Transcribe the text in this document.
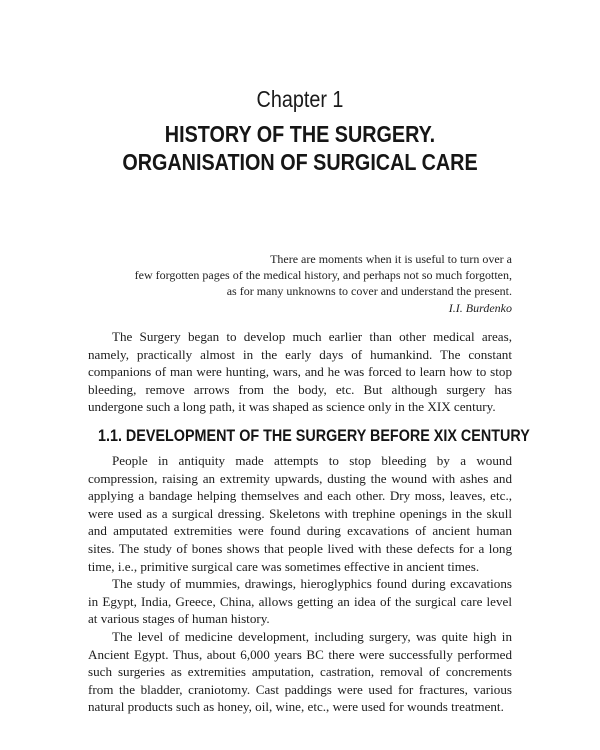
Chapter 1
HISTORY OF THE SURGERY.
ORGANISATION OF SURGICAL CARE
There are moments when it is useful to turn over a
few forgotten pages of the medical history, and perhaps not so much forgotten,
as for many unknowns to cover and understand the present.
I.I. Burdenko

The Surgery began to develop much earlier than other medical areas, namely, practically almost in the early days of humankind. The constant companions of man were hunting, wars, and he was forced to learn how to stop bleeding, remove arrows from the body, etc. But although surgery has undergone such a long path, it was shaped as science only in the XIX century.

1.1. DEVELOPMENT OF THE SURGERY BEFORE XIX CENTURY

People in antiquity made attempts to stop bleeding by a wound compression, raising an extremity upwards, dusting the wound with ashes and applying a bandage helping themselves and each other. Dry moss, leaves, etc., were used as a surgical dressing. Skeletons with trephine openings in the skull and amputated extremities were found during excavations of ancient human sites. The study of bones shows that people lived with these defects for a long time, i.e., primitive surgical care was sometimes effective in ancient times.

The study of mummies, drawings, hieroglyphics found during excavations in Egypt, India, Greece, China, allows getting an idea of the surgical care level at various stages of human history.

The level of medicine development, including surgery, was quite high in Ancient Egypt. Thus, about 6,000 years BC there were successfully performed such surgeries as extremities amputation, castration, removal of concrements from the bladder, craniotomy. Cast paddings were used for fractures, various natural products such as honey, oil, wine, etc., were used for wounds treatment.
